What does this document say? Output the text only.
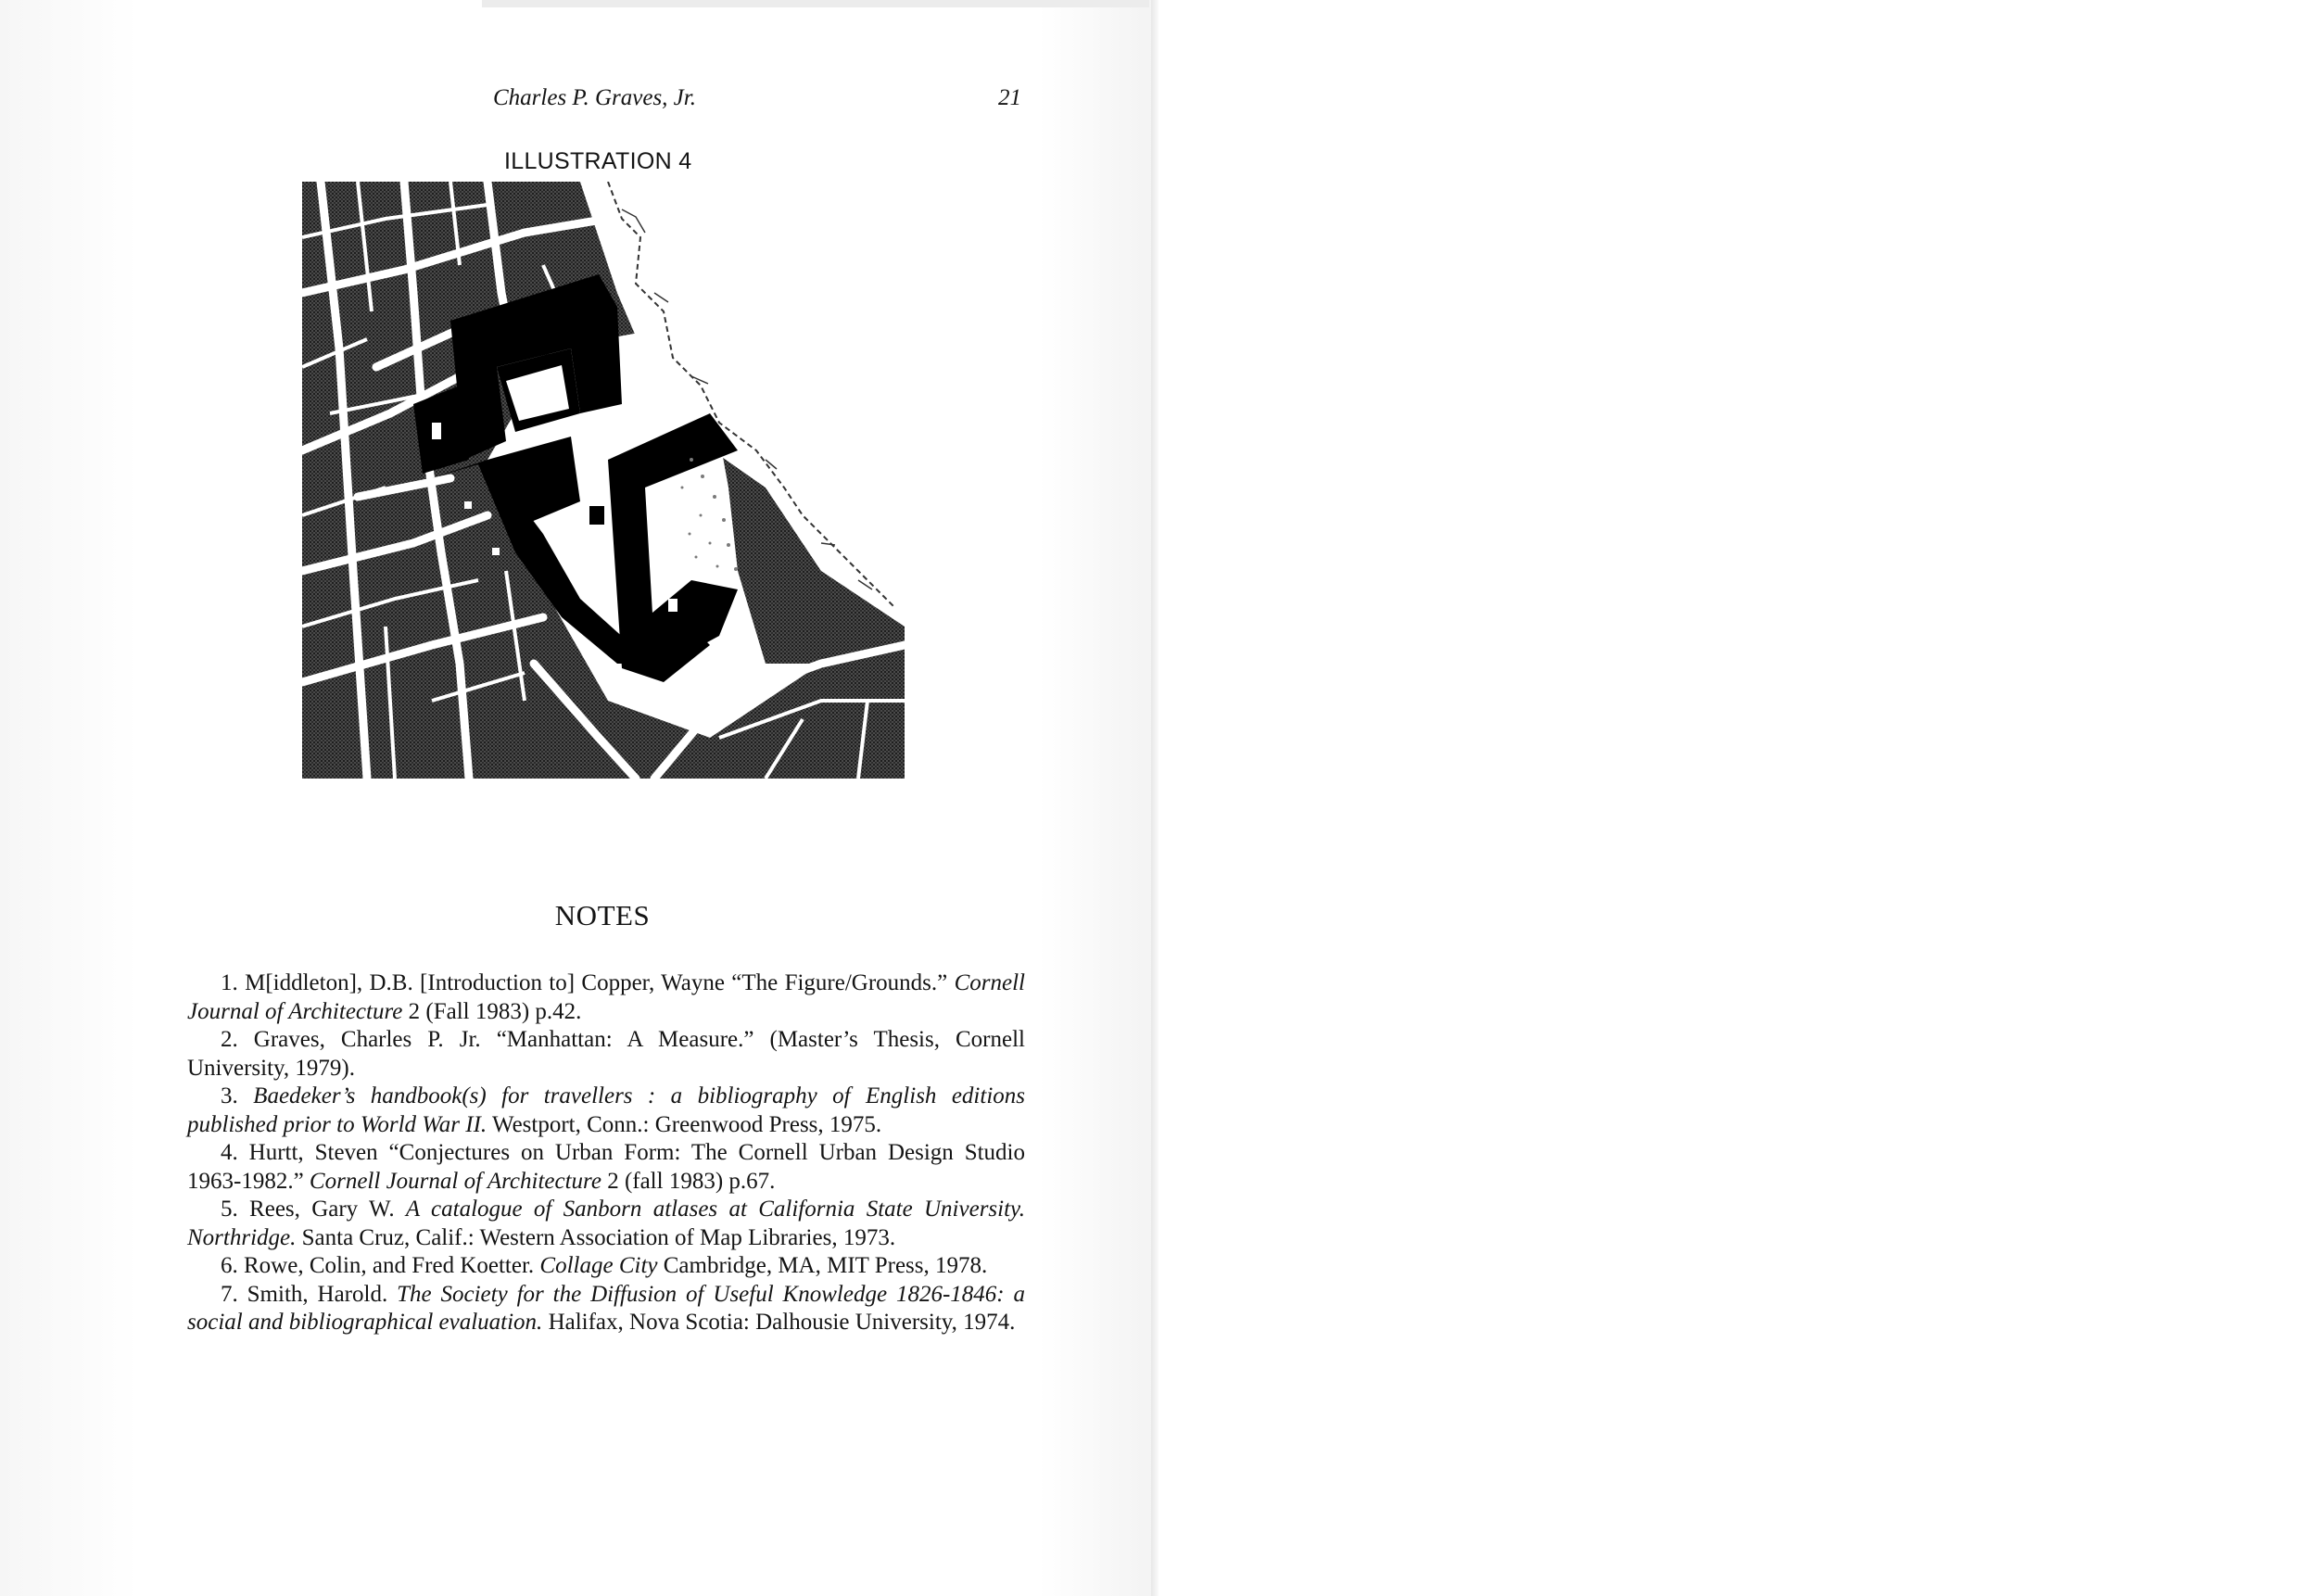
Charles P. Graves, Jr.	21
ILLUSTRATION 4
NOTES

1. M[iddleton], D.B. [Introduction to] Copper, Wayne “The Figure/Grounds.” Cornell Journal of Architecture 2 (Fall 1983) p.42.

2. Graves, Charles P. Jr. “Manhattan: A Measure.” (Master’s Thesis, Cornell University, 1979).

3. Baedeker’s handbook(s) for travellers : a bibliography of English editions published prior to World War II. Westport, Conn.: Greenwood Press, 1975.

4. Hurtt, Steven “Conjectures on Urban Form: The Cornell Urban Design Studio 1963-1982.” Cornell Journal of Architecture 2 (fall 1983) p.67.

5. Rees, Gary W. A catalogue of Sanborn atlases at California State University. Northridge. Santa Cruz, Calif.: Western Association of Map Libraries, 1973.

6. Rowe, Colin, and Fred Koetter. Collage City Cambridge, MA, MIT Press, 1978.

7. Smith, Harold. The Society for the Diffusion of Useful Knowledge 1826-1846: a social and bibliographical evaluation. Halifax, Nova Scotia: Dalhousie University, 1974.
